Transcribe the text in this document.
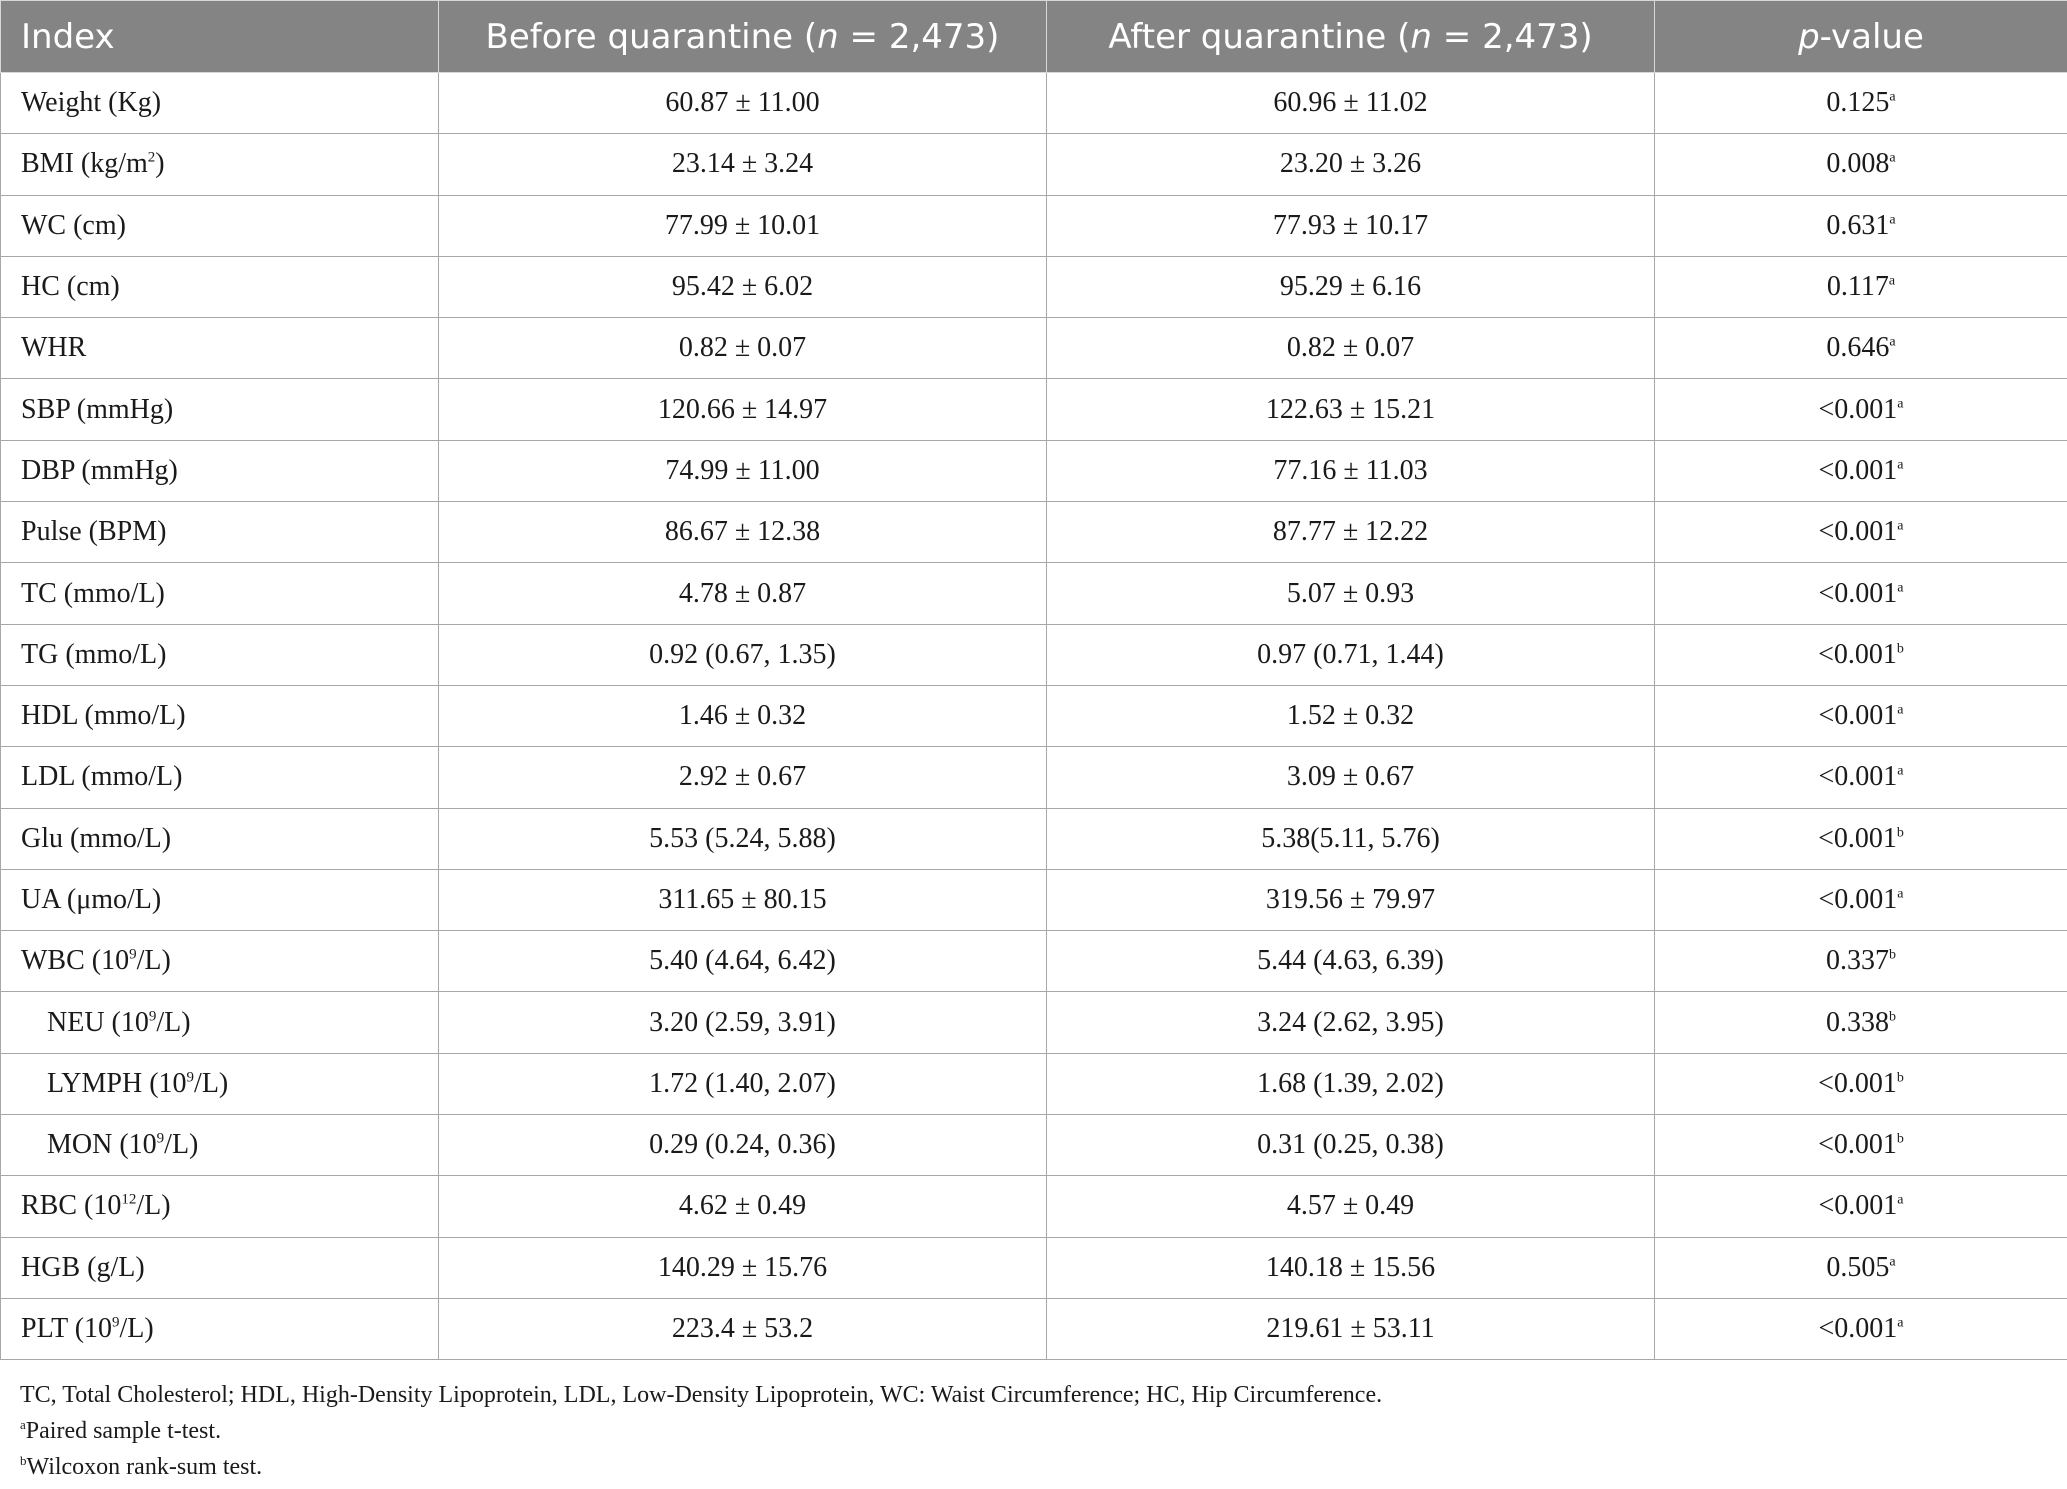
Index	Before quarantine (n = 2,473)	After quarantine (n = 2,473)	p-value
Weight (Kg)	60.87 ± 11.00	60.96 ± 11.02	0.125$^a$
BMI $(kg/m^2)$	23.14 ± 3.24	23.20 ± 3.26	0.008$^a$
WC (cm)	77.99 ± 10.01	77.93 ± 10.17	0.631$^a$
HC (cm)	95.42 ± 6.02	95.29 ± 6.16	0.117$^a$
WHR	0.82 ± 0.07	0.82 ± 0.07	0.646$^a$
SBP (mmHg)	120.66 ± 14.97	122.63 ± 15.21	<0.001$^a$
DBP (mmHg)	74.99 ± 11.00	77.16 ± 11.03	<0.001$^a$
Pulse (BPM)	86.67 ± 12.38	87.77 ± 12.22	<0.001$^a$
TC (mmo/L)	4.78 ± 0.87	5.07 ± 0.93	<0.001$^a$
TG (mmo/L)	0.92 (0.67, 1.35)	0.97 (0.71, 1.44)	<0.001$^b$
HDL (mmo/L)	1.46 ± 0.32	1.52 ± 0.32	<0.001$^a$
LDL (mmo/L)	2.92 ± 0.67	3.09 ± 0.67	<0.001$^a$
Glu (mmo/L)	5.53 (5.24, 5.88)	5.38(5.11, 5.76)	<0.001$^b$
UA (μmo/L)	311.65 ± 80.15	319.56 ± 79.97	<0.001$^a$
WBC $(10^9/L)$	5.40 (4.64, 6.42)	5.44 (4.63, 6.39)	0.337$^b$
NEU $(10^9/L)$	3.20 (2.59, 3.91)	3.24 (2.62, 3.95)	0.338$^b$
LYMPH $(10^9/L)$	1.72 (1.40, 2.07)	1.68 (1.39, 2.02)	<0.001$^b$
MON $(10^9/L)$	0.29 (0.24, 0.36)	0.31 (0.25, 0.38)	<0.001$^b$
RBC $(10^{12}/L)$	4.62 ± 0.49	4.57 ± 0.49	<0.001$^a$
HGB (g/L)	140.29 ± 15.76	140.18 ± 15.56	0.505$^a$
PLT $(10^9/L)$	223.4 ± 53.2	219.61 ± 53.11	<0.001$^a$
TC, Total Cholesterol; HDL, High-Density Lipoprotein, LDL, Low-Density Lipoprotein, WC: Waist Circumference; HC, Hip Circumference.
$^a$Paired sample t-test.
$^b$Wilcoxon rank-sum test.
